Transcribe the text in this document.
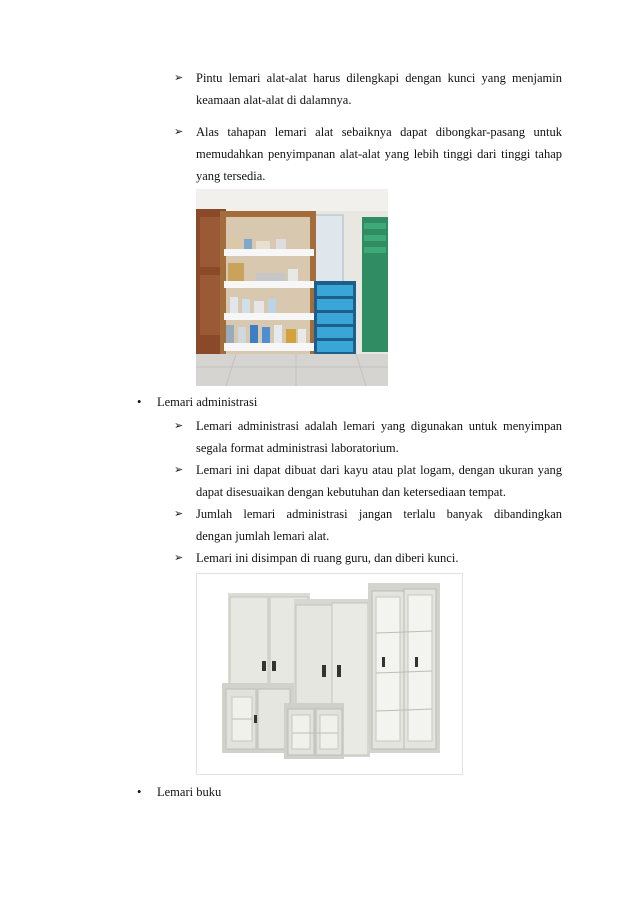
➢	Pintu lemari alat-alat harus dilengkapi dengan kunci yang menjamin
keamaan alat-alat di dalamnya.
➢	Alas tahapan lemari alat sebaiknya dapat dibongkar-pasang untuk
memudahkan penyimpanan alat-alat yang lebih tinggi dari tinggi tahap
yang tersedia.
• Lemari administrasi
➢	Lemari administrasi adalah lemari yang digunakan untuk menyimpan
segala format administrasi laboratorium.
➢	Lemari ini dapat dibuat dari kayu atau plat logam, dengan ukuran yang
dapat disesuaikan dengan kebutuhan dan ketersediaan tempat.
➢	Jumlah lemari administrasi jangan terlalu banyak dibandingkan
dengan jumlah lemari alat.
➢	Lemari ini disimpan di ruang guru, dan diberi kunci.
• Lemari buku
